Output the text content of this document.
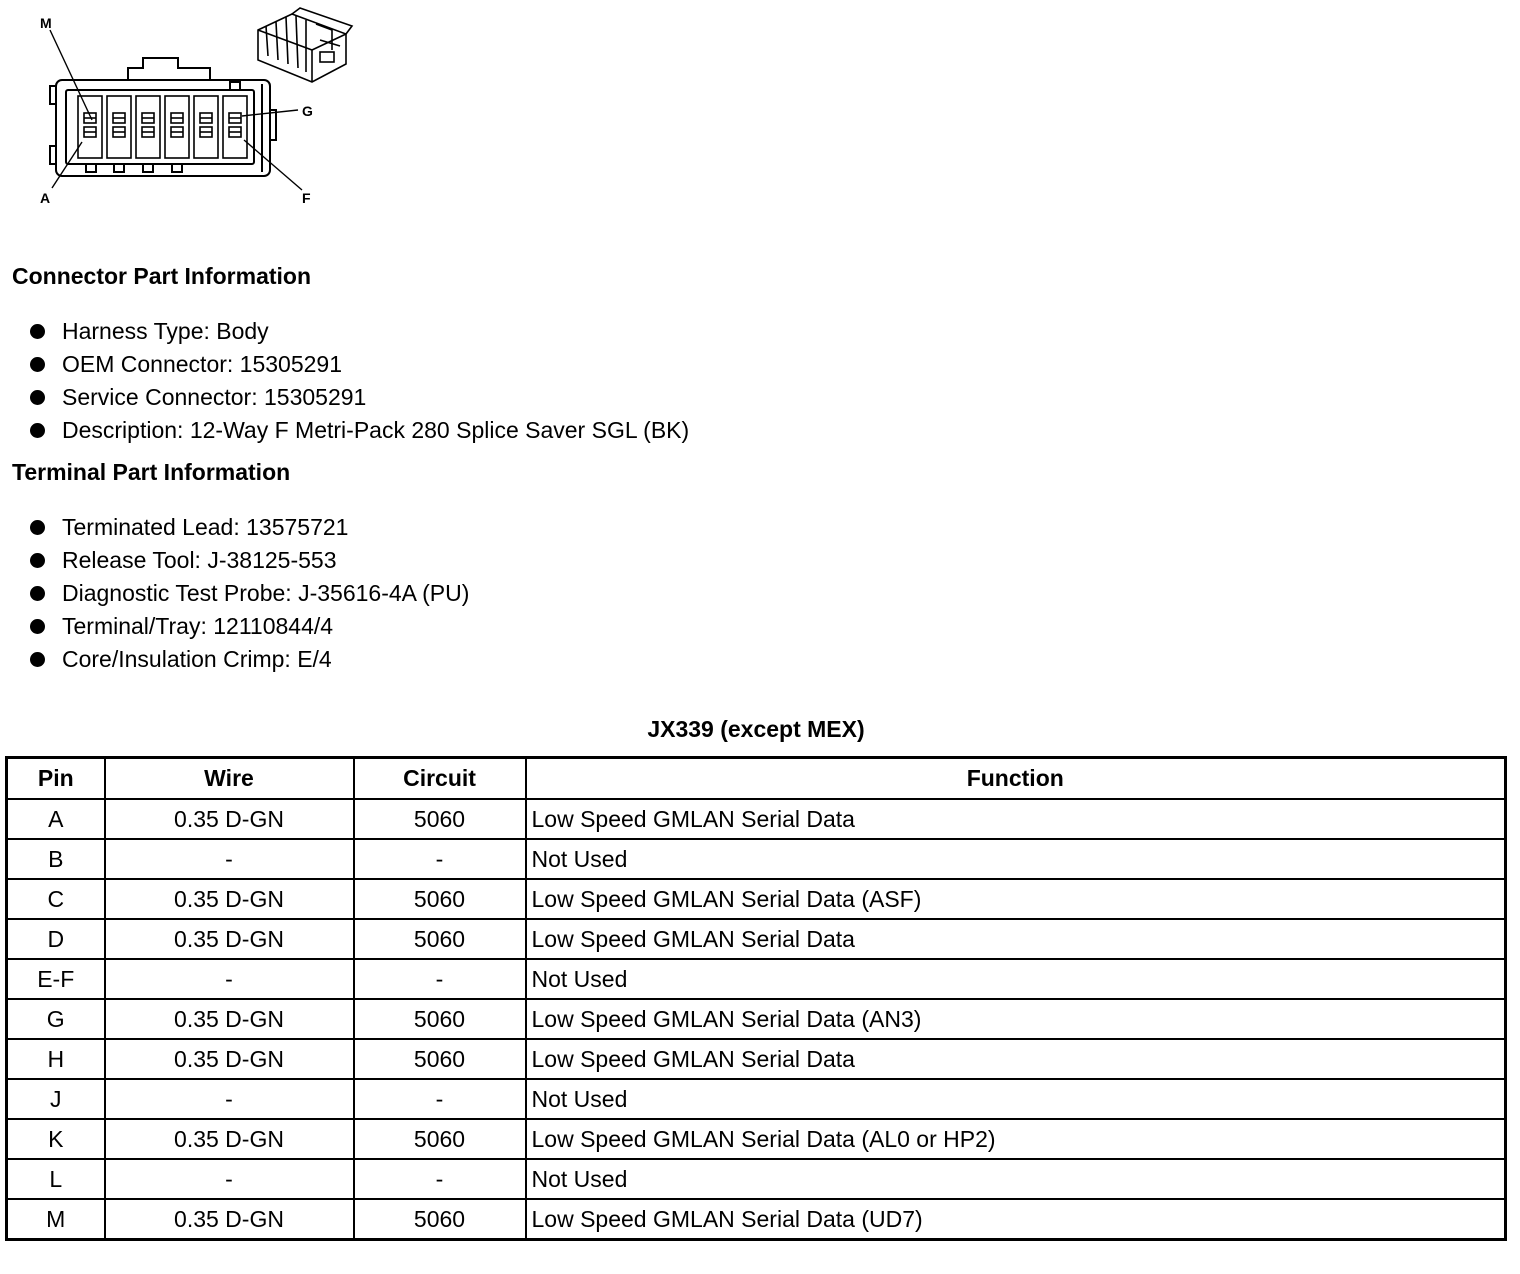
M
G
A	F
Connector Part Information
Harness Type: Body
OEM Connector: 15305291
Service Connector: 15305291
Description: 12-Way F Metri-Pack 280 Splice Saver SGL (BK)
Terminal Part Information
Terminated Lead: 13575721
Release Tool: J-38125-553
Diagnostic Test Probe: J-35616-4A (PU)
Terminal/Tray: 12110844/4
Core/Insulation Crimp: E/4
JX339 (except MEX)
Pin	Wire	Circuit	Function
A	0.35 D-GN	5060	Low Speed GMLAN Serial Data
B	-	-	Not Used
C	0.35 D-GN	5060	Low Speed GMLAN Serial Data (ASF)
D	0.35 D-GN	5060	Low Speed GMLAN Serial Data
E-F	-	-	Not Used
G	0.35 D-GN	5060	Low Speed GMLAN Serial Data (AN3)
H	0.35 D-GN	5060	Low Speed GMLAN Serial Data
J	-	-	Not Used
K	0.35 D-GN	5060	Low Speed GMLAN Serial Data (AL0 or HP2)
L	-	-	Not Used
M	0.35 D-GN	5060	Low Speed GMLAN Serial Data (UD7)
